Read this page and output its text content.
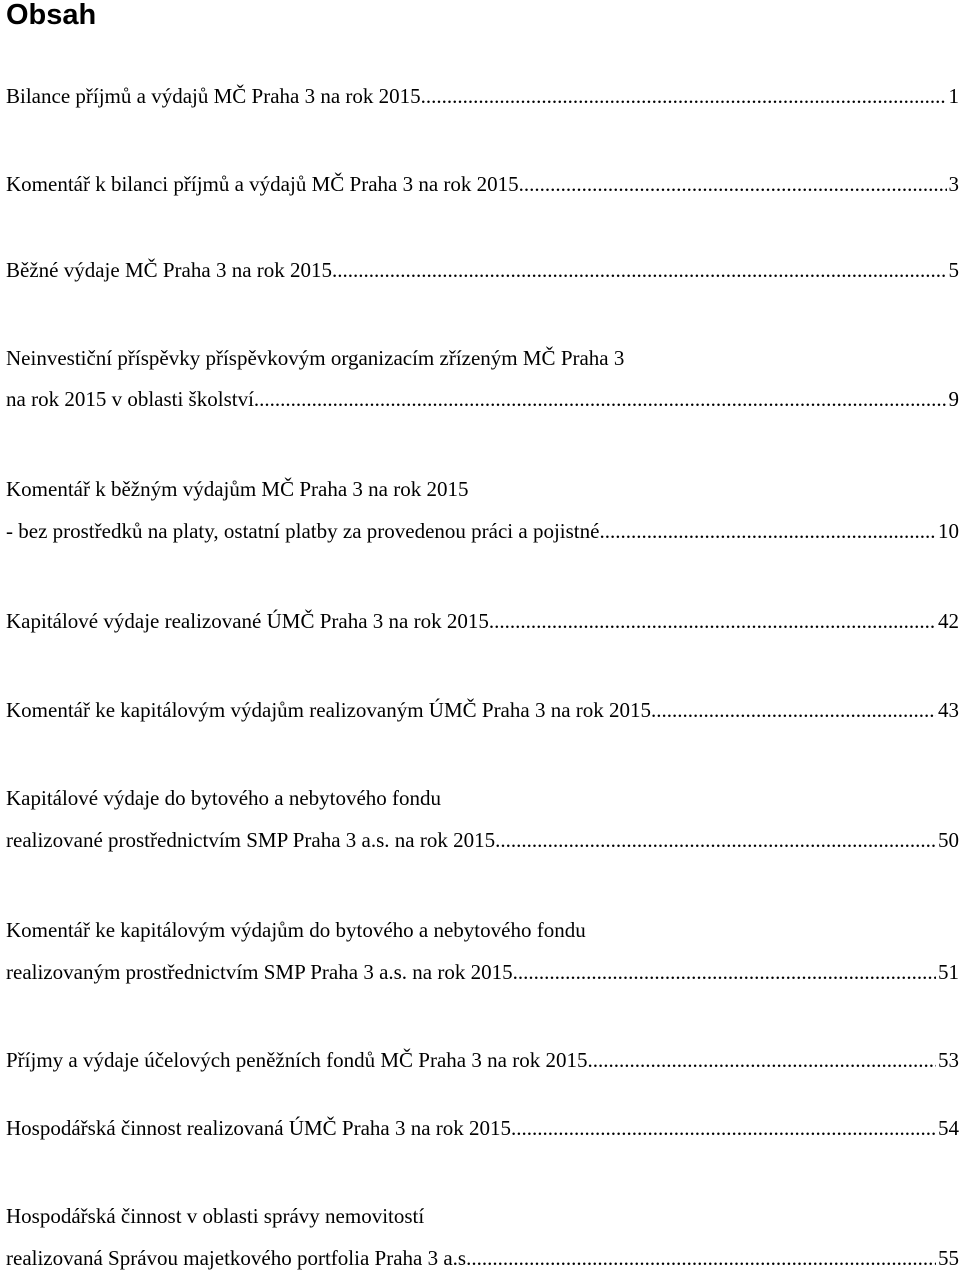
Obsah
Bilance příjmů a výdajů MČ Praha 3 na rok 2015 .....	1
Komentář k bilanci příjmů a výdajů MČ Praha 3 na rok 2015 .....	3
Běžné výdaje MČ Praha 3 na rok 2015. .....	5
Neinvestiční příspěvky příspěvkovým organizacím zřízeným MČ Praha 3
na rok 2015 v oblasti školství .....	9
Komentář k běžným výdajům MČ Praha 3 na rok 2015
- bez prostředků na platy, ostatní platby za provedenou práci a pojistné .....	10
Kapitálové výdaje realizované ÚMČ Praha 3 na rok 2015 .....	42
Komentář ke kapitálovým výdajům realizovaným ÚMČ Praha 3 na rok 2015 .....	43
Kapitálové výdaje do bytového a nebytového fondu
realizované prostřednictvím SMP Praha 3 a.s. na rok 2015 .....	50
Komentář ke kapitálovým výdajům do bytového a nebytového fondu
realizovaným prostřednictvím SMP Praha 3 a.s. na rok 2015 .....	51
Příjmy a výdaje účelových peněžních fondů MČ Praha 3 na rok 2015 .....	53
Hospodářská činnost realizovaná ÚMČ Praha 3 na rok 2015 .....	54
Hospodářská činnost v oblasti správy nemovitostí
realizovaná Správou majetkového portfolia Praha 3 a.s. .....	55
